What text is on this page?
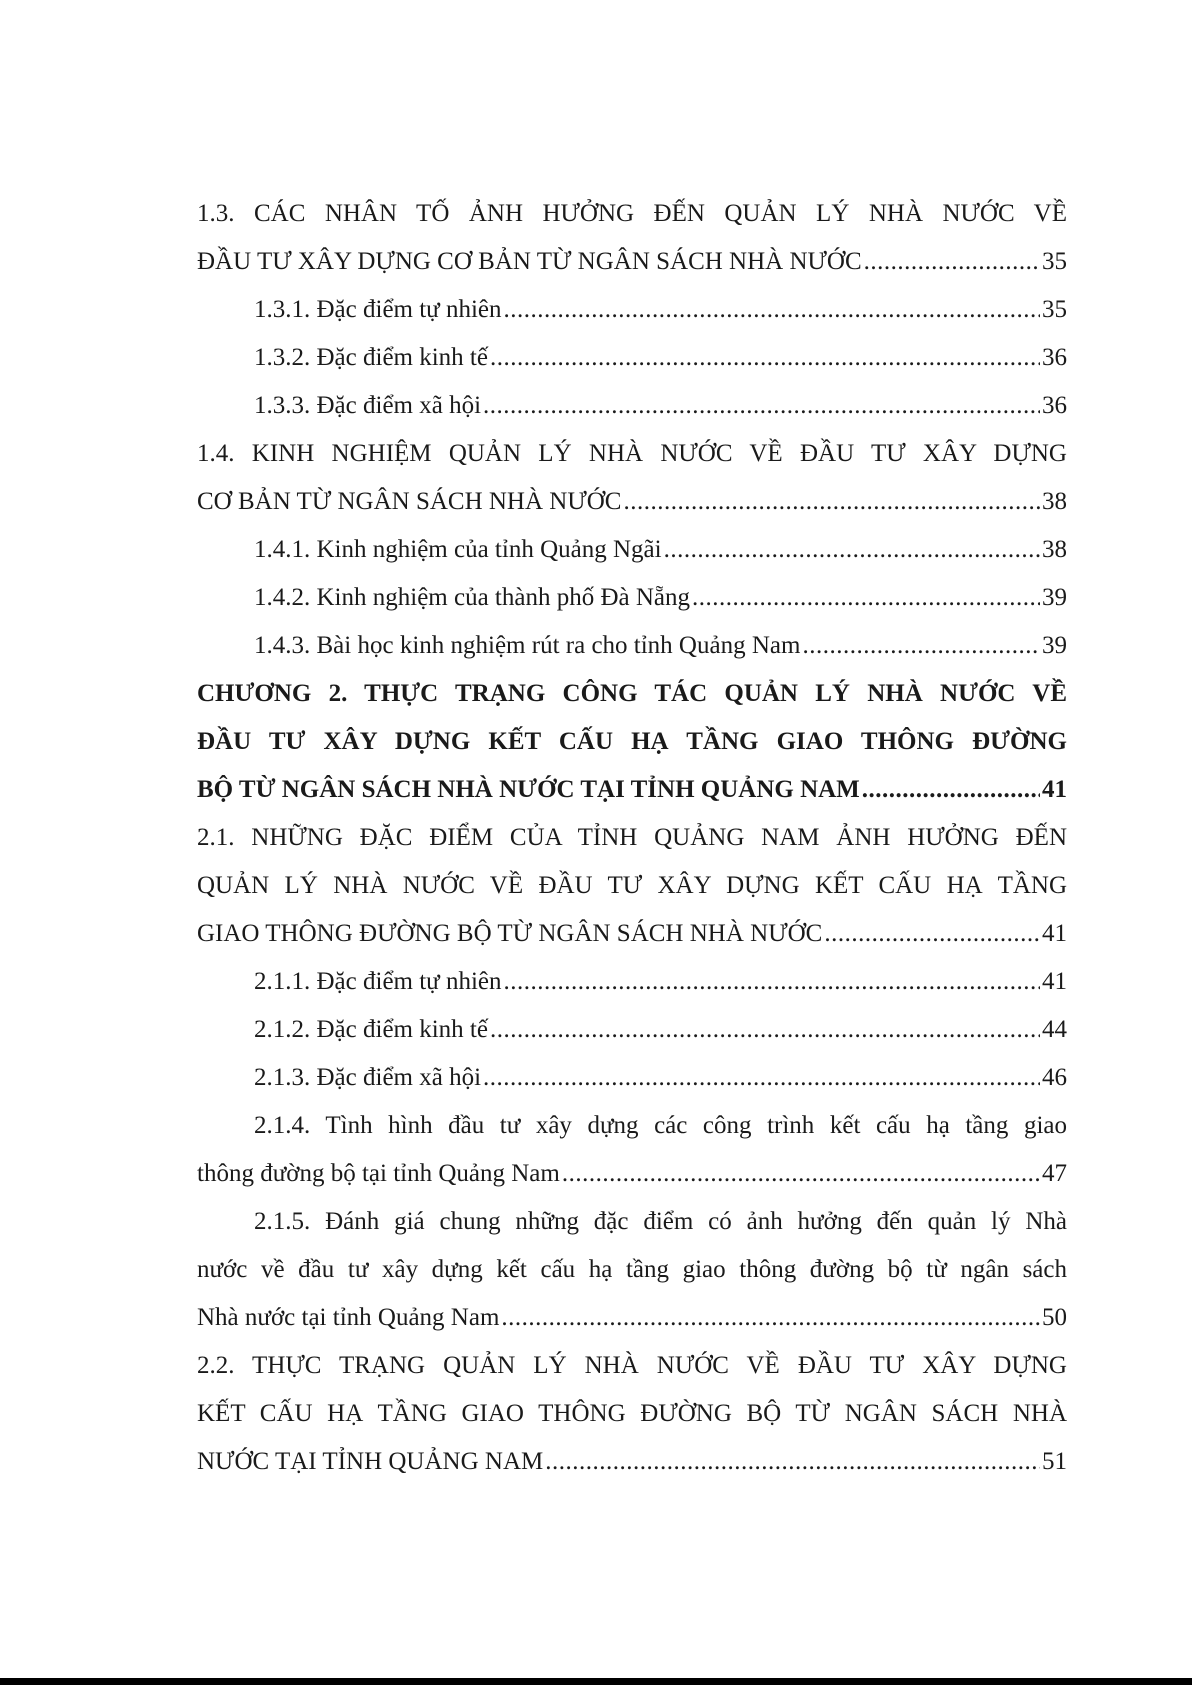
1.3. CÁC NHÂN TỐ ẢNH HƯỞNG ĐẾN QUẢN LÝ NHÀ NƯỚC VỀ
ĐẦU TƯ XÂY DỰNG CƠ BẢN TỪ NGÂN SÁCH NHÀ NƯỚC .....	35
1.3.1. Đặc điểm tự nhiên .....	35
1.3.2. Đặc điểm kinh tế .....	36
1.3.3. Đặc điểm xã hội .....	36
1.4. KINH NGHIỆM QUẢN LÝ NHÀ NƯỚC VỀ ĐẦU TƯ XÂY DỰNG
CƠ BẢN TỪ NGÂN SÁCH NHÀ NƯỚC .....	38
1.4.1. Kinh nghiệm của tỉnh Quảng Ngãi .....	38
1.4.2. Kinh nghiệm của thành phố Đà Nẵng .....	39
1.4.3. Bài học kinh nghiệm rút ra cho tỉnh Quảng Nam .....	39
CHƯƠNG 2. THỰC TRẠNG CÔNG TÁC QUẢN LÝ NHÀ NƯỚC VỀ
ĐẦU TƯ XÂY DỰNG KẾT CẤU HẠ TẦNG GIAO THÔNG ĐƯỜNG
BỘ TỪ NGÂN SÁCH NHÀ NƯỚC TẠI TỈNH QUẢNG NAM .....	41
2.1. NHỮNG ĐẶC ĐIỂM CỦA TỈNH QUẢNG NAM ẢNH HƯỞNG ĐẾN
QUẢN LÝ NHÀ NƯỚC VỀ ĐẦU TƯ XÂY DỰNG KẾT CẤU HẠ TẦNG
GIAO THÔNG ĐƯỜNG BỘ TỪ NGÂN SÁCH NHÀ NƯỚC .....	41
2.1.1. Đặc điểm tự nhiên .....	41
2.1.2. Đặc điểm kinh tế .....	44
2.1.3. Đặc điểm xã hội .....	46
2.1.4. Tình hình đầu tư xây dựng các công trình kết cấu hạ tầng giao
thông đường bộ tại tỉnh Quảng Nam .....	47
2.1.5. Đánh giá chung những đặc điểm có ảnh hưởng đến quản lý Nhà
nước về đầu tư xây dựng kết cấu hạ tầng giao thông đường bộ từ ngân sách
Nhà nước tại tỉnh Quảng Nam .....	50
2.2. THỰC TRẠNG QUẢN LÝ NHÀ NƯỚC VỀ ĐẦU TƯ XÂY DỰNG
KẾT CẤU HẠ TẦNG GIAO THÔNG ĐƯỜNG BỘ TỪ NGÂN SÁCH NHÀ
NƯỚC TẠI TỈNH QUẢNG NAM .....	51
